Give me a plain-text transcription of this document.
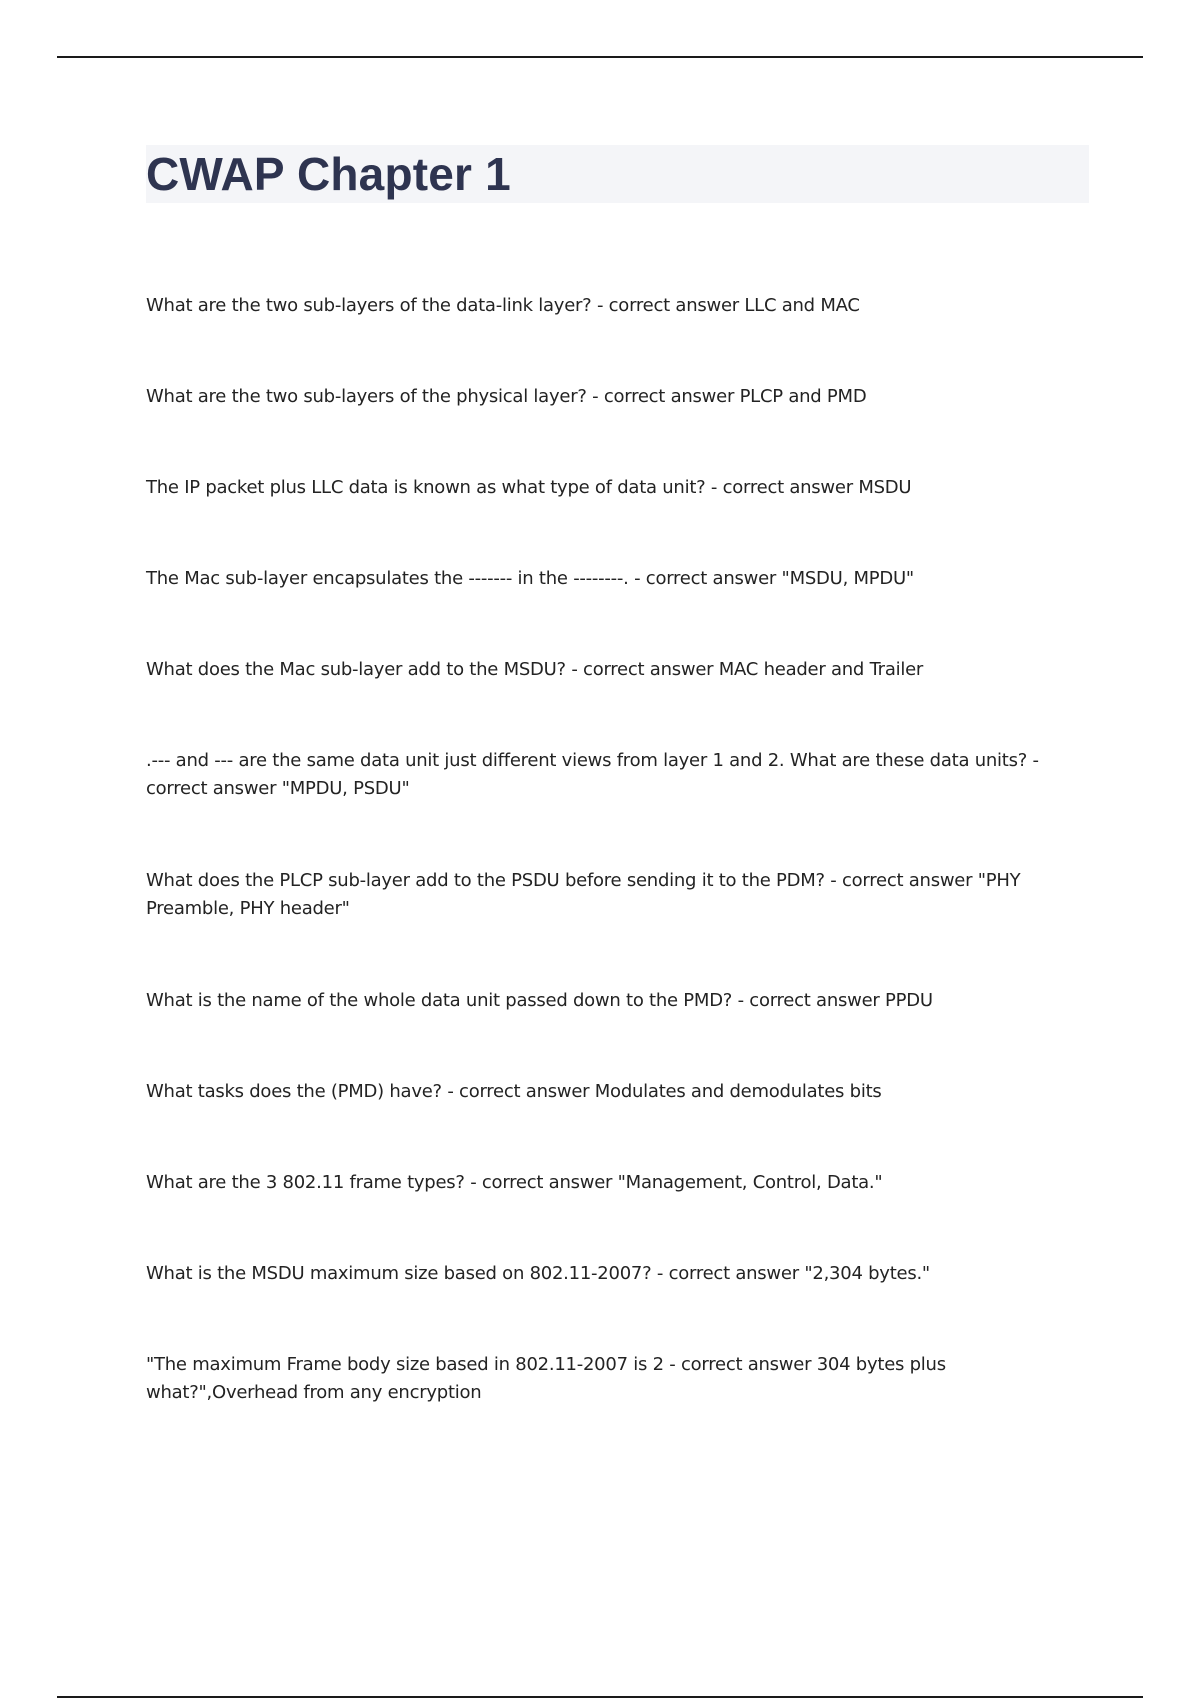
CWAP Chapter 1
What are the two sub-layers of the data-link layer? - correct answer LLC and MAC
What are the two sub-layers of the physical layer? - correct answer PLCP and PMD
The IP packet plus LLC data is known as what type of data unit? - correct answer MSDU
The Mac sub-layer encapsulates the ------- in the --------. - correct answer "MSDU, MPDU"
What does the Mac sub-layer add to the MSDU? - correct answer MAC header and Trailer
.--- and --- are the same data unit just different views from layer 1 and 2. What are these data units? - correct answer "MPDU, PSDU"
What does the PLCP sub-layer add to the PSDU before sending it to the PDM? - correct answer "PHY Preamble, PHY header"
What is the name of the whole data unit passed down to the PMD? - correct answer PPDU
What tasks does the (PMD) have? - correct answer Modulates and demodulates bits
What are the 3 802.11 frame types? - correct answer "Management, Control, Data."
What is the MSDU maximum size based on 802.11-2007? - correct answer "2,304 bytes."
"The maximum Frame body size based in 802.11-2007 is 2 - correct answer 304 bytes plus what?",Overhead from any encryption
